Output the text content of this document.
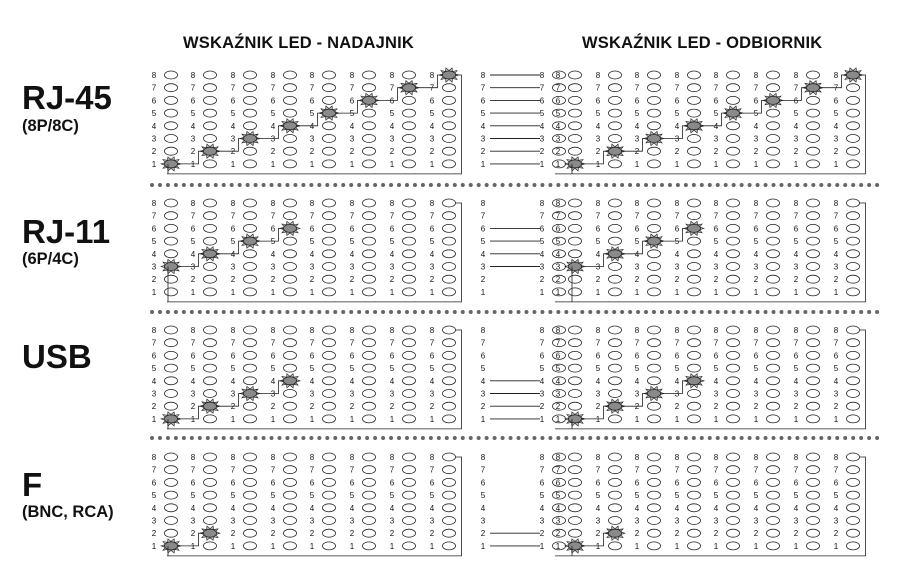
WSKAŹNIK LED - NADAJNIK	WSKAŹNIK LED - ODBIORNIK
RJ-45
(8P/8C)
RJ-11
(6P/4C)
USB
F
(BNC, RCA)
1
2
3
4
5
6
7
8
1
2
3
4
5
6
7
8
1
2
3
4
5
6
7
8
1
2
3
4
5
6
7
8
1
2
3
4
5
6
7
8
1
2
3
4
5
6
7
8
1
2
3
4
5
6
7
8
1
2
3
4
5
6
7
8
1
2
3
4
5
6
7
8
1
2
3
4
5
6
7
8
1
2
3
4
5
6
7
8
1
2
3
4
5
6
7
8
1
2
3
4
5
6
7
8
1
2
3
4
5
6
7
8
1
2
3
4
5
6
7
8
1
2
3
4
5
6
7
8
1
2
3
4
5
6
7
8
1
2
3
4
5
6
7
8
1
2
3
4
5
6
7
8
1
2
3
4
5
6
7
8
1
2
3
4
5
6
7
8
1
2
3
4
5
6
7
8
1
2
3
4
5
6
7
8
1
2
3
4
5
6
7
8
1
2
3
4
5
6
7
8
1
2
3
4
5
6
7
8
1
2
3
4
5
6
7
8
1
2
3
4
5
6
7
8
1
2
3
4
5
6
7
8
1
2
3
4
5
6
7
8
1
2
3
4
5
6
7
8
1
2
3
4
5
6
7
8
1
2
3
4
5
6
7
8
1
2
3
4
5
6
7
8
1
2
3
4
5
6
7
8
1
2
3
4
5
6
7
8
1
2
3
4
5
6
7
8
1
2
3
4
5
6
7
8
1
2
3
4
5
6
7
8
1
2
3
4
5
6
7
8
1
2
3
4
5
6
7
8
1
2
3
4
5
6
7
8
1
2
3
4
5
6
7
8
1
2
3
4
5
6
7
8
1
2
3
4
5
6
7
8
1
2
3
4
5
6
7
8
1
2
3
4
5
6
7
8
1
2
3
4
5
6
7
8
1
2
3
4
5
6
7
8
1
2
3
4
5
6
7
8
1
2
3
4
5
6
7
8
1
2
3
4
5
6
7
8
1
2
3
4
5
6
7
8
1
2
3
4
5
6
7
8
1
2
3
4
5
6
7
8
1
2
3
4
5
6
7
8
1
2
3
4
5
6
7
8
1
2
3
4
5
6
7
8
1
2
3
4
5
6
7
8
1
2
3
4
5
6
7
8
1
2
3
4
5
6
7
8
1
2
3
4
5
6
7
8
1
2
3
4
5
6
7
8
1
2
3
4
5
6
7
8
1
2
3
4
5
6
7
8
1
2
3
4
5
6
7
8
1
2
3
4
5
6
7
8
1
2
3
4
5
6
7
8
1
2
3
4
5
6
7
8
1
2
3
4
5
6
7
8
1
2
3
4
5
6
7
8
1
2
3
4
5
6
7
8
